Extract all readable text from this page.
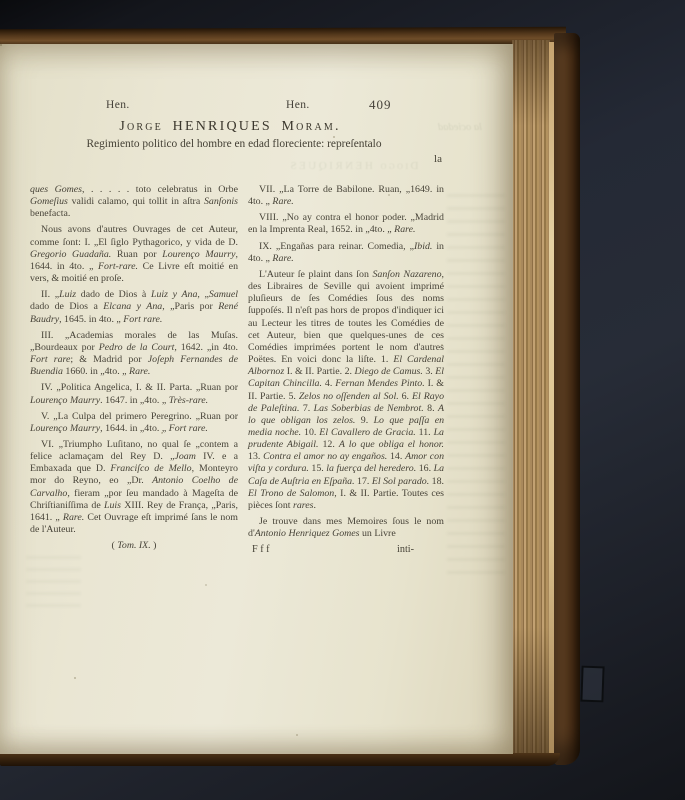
la ociedad
Diogo HENRIQUES
Hen.	Hen.	409
Jorge HENRIQUES Moram.
Regimiento politico del hombre en edad floreciente: repreſentalo
la

ques Gomes, . . . . . toto celebratus in Orbe Gomeſius validi calamo, qui tollit in aſtra Sanſonis benefacta.

Nous avons d'autres Ouvrages de cet Auteur, comme ſont: I. „El ſiglo Pythagorico, y vida de D. Gregorio Guadaña. Ruan por Lourenço Maurry, 1644. in 4to. „ Fort-rare. Ce Livre eſt moitié en vers, & moitié en proſe.

II. „Luiz dado de Dios à Luiz y Ana, „Samuel dado de Dios a Elcana y Ana, „Paris por René Baudry, 1645. in 4to. „ Fort rare.

III. „Academias morales de las Muſas. „Bourdeaux por Pedro de la Court, 1642. „in 4to. Fort rare; & Madrid por Joſeph Fernandes de Buendia 1660. in „4to. „ Rare.

IV. „Politica Angelica, I. & II. Parta. „Ruan por Lourenço Maurry. 1647. in „4to. „ Très-rare.

V. „La Culpa del primero Peregrino. „Ruan por Lourenço Maurry, 1644. in „4to. „ Fort rare.

VI. „Triumpho Luſitano, no qual ſe „contem a felice aclamaçam del Rey D. „Joam IV. e a Embaxada que D. Franciſco de Mello, Monteyro mor do Reyno, eo „Dr. Antonio Coelho de Carvalho, fieram „por ſeu mandado à Mageſta de Chriſtianiſſima de Luis XIII. Rey de França, „Paris, 1641. „ Rare. Cet Ouvrage eſt imprimé ſans le nom de l'Auteur.

( Tom. IX. )

VII. „La Torre de Babilone. Ruan, „1649. in 4to. „ Rare.

VIII. „No ay contra el honor poder. „Madrid en la Imprenta Real, 1652. in „4to. „ Rare.

IX. „Engañas para reinar. Comedia, „Ibid. in 4to. „ Rare.

L'Auteur ſe plaint dans ſon Sanſon Nazareno, des Libraires de Seville qui avoient imprimé pluſieurs de ſes Comédies ſous des noms ſuppoſés. Il n'eſt pas hors de propos d'indiquer ici au Lecteur les titres de toutes les Comédies de cet Auteur, bien que quelques-unes de ces Comédies imprimées portent le nom d'autres Poëtes. En voici donc la liſte. 1. El Cardenal Albornoz I. & II. Partie. 2. Diego de Camus. 3. El Capitan Chincilla. 4. Fernan Mendes Pinto. I. & II. Partie. 5. Zelos no oſſenden al Sol. 6. El Rayo de Paleſtina. 7. Las Soberbias de Nembrot. 8. A lo que obligan los zelos. 9. Lo que paſſa en media noche. 10. El Cavallero de Gracia. 11. La prudente Abigail. 12. A lo que obliga el honor. 13. Contra el amor no ay engaños. 14. Amor con viſta y cordura. 15. la fuerça del heredero. 16. La Caſa de Auſtria en Eſpaña. 17. El Sol parado. 18. El Trono de Salomon, I. & II. Partie. Toutes ces pièces ſont rares.

Je trouve dans mes Memoires ſous le nom d'Antonio Henriquez Gomes un Livre

F f f	inti-
